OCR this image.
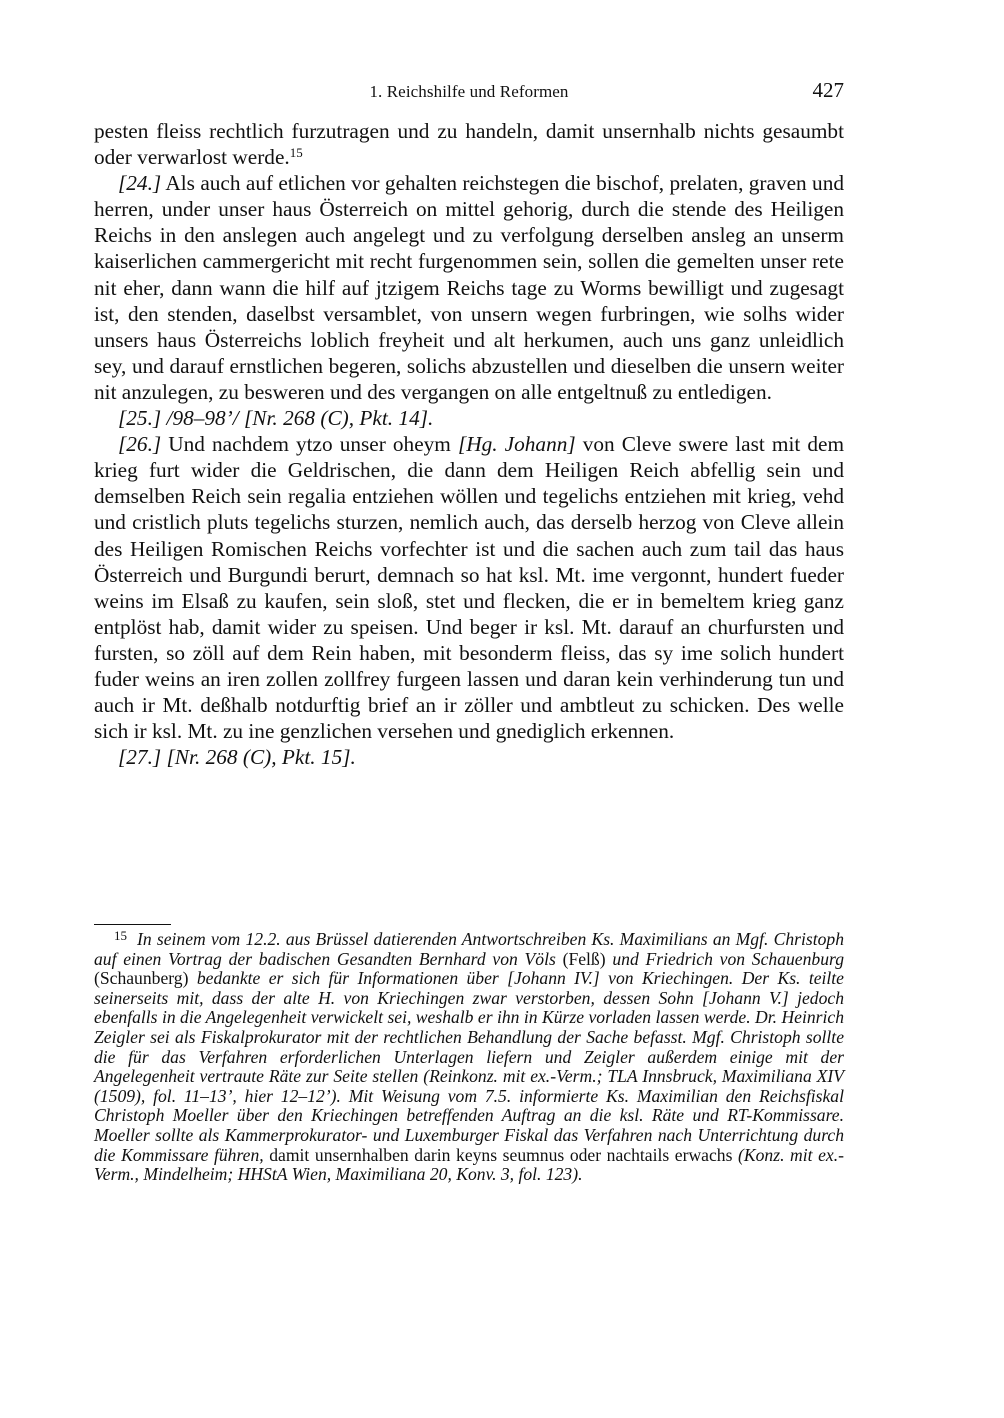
1. Reichshilfe und Reformen	427

pesten fleiss rechtlich furzutragen und zu handeln, damit unsernhalb nichts gesaumbt oder verwarlost werde.$^{15}$

[24.] Als auch auf etlichen vor gehalten reichstegen die bischof, prelaten, graven und herren, under unser haus Österreich on mittel gehorig, durch die stende des Heiligen Reichs in den anslegen auch angelegt und zu verfolgung derselben ansleg an unserm kaiserlichen cammergericht mit recht furgenommen sein, sollen die gemelten unser rete nit eher, dann wann die hilf auf jtzigem Reichs tage zu Worms bewilligt und zugesagt ist, den stenden, daselbst versamblet, von unsern wegen furbringen, wie solhs wider unsers haus Österreichs loblich freyheit und alt herkumen, auch uns ganz unleidlich sey, und darauf ernstlichen begeren, solichs abzustellen und dieselben die unsern weiter nit anzulegen, zu besweren und des vergangen on alle entgeltnuß zu entledigen.

[25.] /98–98’/ [Nr. 268 (C), Pkt. 14].

[26.] Und nachdem ytzo unser oheym [Hg. Johann] von Cleve swere last mit dem krieg furt wider die Geldrischen, die dann dem Heiligen Reich abfellig sein und demselben Reich sein regalia entziehen wöllen und tegelichs entziehen mit krieg, vehd und cristlich pluts tegelichs sturzen, nemlich auch, das derselb herzog von Cleve allein des Heiligen Romischen Reichs vorfechter ist und die sachen auch zum tail das haus Österreich und Burgundi berurt, demnach so hat ksl. Mt. ime vergonnt, hundert fueder weins im Elsaß zu kaufen, sein sloß, stet und flecken, die er in bemeltem krieg ganz entplöst hab, damit wider zu speisen. Und beger ir ksl. Mt. darauf an churfursten und fursten, so zöll auf dem Rein haben, mit besonderm fleiss, das sy ime solich hundert fuder weins an iren zollen zollfrey furgeen lassen und daran kein verhinderung tun und auch ir Mt. deßhalb notdurftig brief an ir zöller und ambtleut zu schicken. Des welle sich ir ksl. Mt. zu ine genzlichen versehen und gnediglich erkennen.

[27.] [Nr. 268 (C), Pkt. 15].

$^{15}$ In seinem vom 12.2. aus Brüssel datierenden Antwortschreiben Ks. Maximilians an Mgf. Christoph auf einen Vortrag der badischen Gesandten Bernhard von Völs (Felß) und Friedrich von Schauenburg (Schaunberg) bedankte er sich für Informationen über [Johann IV.] von Kriechingen. Der Ks. teilte seinerseits mit, dass der alte H. von Kriechingen zwar verstorben, dessen Sohn [Johann V.] jedoch ebenfalls in die Angelegenheit verwickelt sei, weshalb er ihn in Kürze vorladen lassen werde. Dr. Heinrich Zeigler sei als Fiskalprokurator mit der rechtlichen Behandlung der Sache befasst. Mgf. Christoph sollte die für das Verfahren erforderlichen Unterlagen liefern und Zeigler außerdem einige mit der Angelegenheit vertraute Räte zur Seite stellen (Reinkonz. mit ex.-Verm.; TLA Innsbruck, Maximiliana XIV (1509), fol. 11–13’, hier 12–12’). Mit Weisung vom 7.5. informierte Ks. Maximilian den Reichsfiskal Christoph Moeller über den Kriechingen betreffenden Auftrag an die ksl. Räte und RT-Kommissare. Moeller sollte als Kammerprokurator- und Luxemburger Fiskal das Verfahren nach Unterrichtung durch die Kommissare führen, damit unsernhalben darin keyns seumnus oder nachtails erwachs (Konz. mit ex.-Verm., Mindelheim; HHStA Wien, Maximiliana 20, Konv. 3, fol. 123).
